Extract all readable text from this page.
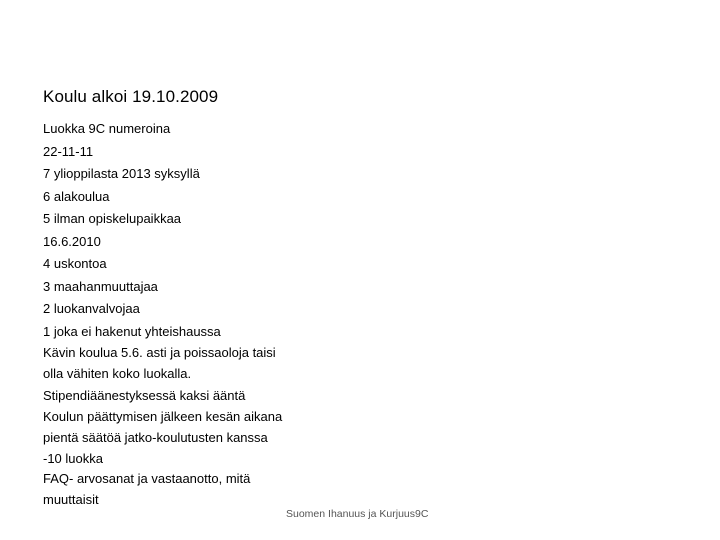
Koulu alkoi 19.10.2009
Luokka 9C numeroina
22-11-11
7 ylioppilasta 2013 syksyllä
6 alakoulua
5 ilman opiskelupaikkaa
16.6.2010
4 uskontoa
3 maahanmuuttajaa
2 luokanvalvojaa
1 joka ei hakenut yhteishaussa
Kävin koulua 5.6. asti ja poissaoloja taisi olla vähiten koko luokalla.
Stipendiäänestyksessä kaksi ääntä
Koulun päättymisen jälkeen kesän aikana pientä säätöä jatko-koulutusten kanssa -10 luokka
FAQ- arvosanat ja vastaanotto, mitä muuttaisit
Suomen Ihanuus ja Kurjuus9C
